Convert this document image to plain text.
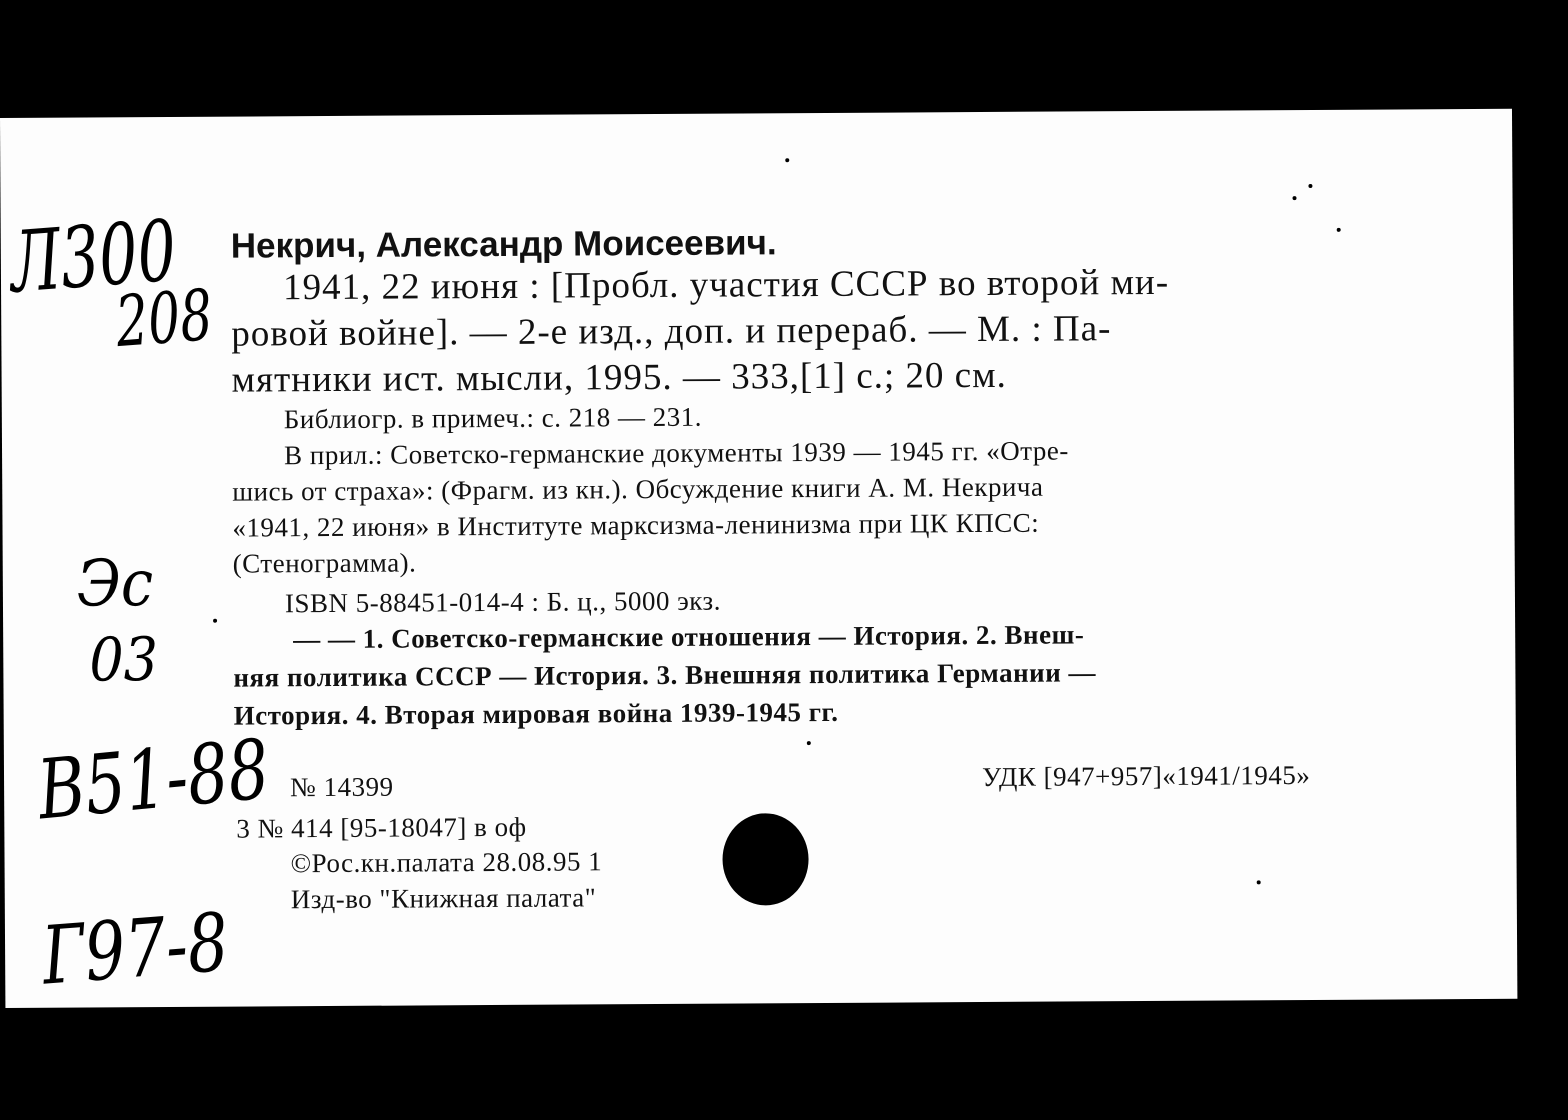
Некрич, Александр Моисеевич.
1941, 22 июня : [Пробл. участия СССР во второй ми-
ровой войне]. — 2-е изд., доп. и перераб. — М. : Па-
мятники ист. мысли, 1995. — 333,[1] с.; 20 см.
Библиогр. в примеч.: с. 218 — 231.
В прил.: Советско-германские документы 1939 — 1945 гг. «Отре-
шись от страха»: (Фрагм. из кн.). Обсуждение книги А. М. Некрича
«1941, 22 июня» в Институте марксизма-ленинизма при ЦК КПСС:
(Стенограмма).
ISBN 5-88451-014-4 : Б. ц., 5000 экз.
— — 1. Советско-германские отношения — История. 2. Внеш-
няя политика СССР — История. 3. Внешняя политика Германии —
История. 4. Вторая мировая война 1939-1945 гг.
№ 14399	УДК [947+957]«1941/1945»
3 № 414 [95-18047] в оф
©Рос.кн.палата 28.08.95 1
Изд-во "Книжная палата"
Л300
208
Эс
03
В51-88
Г97-8
